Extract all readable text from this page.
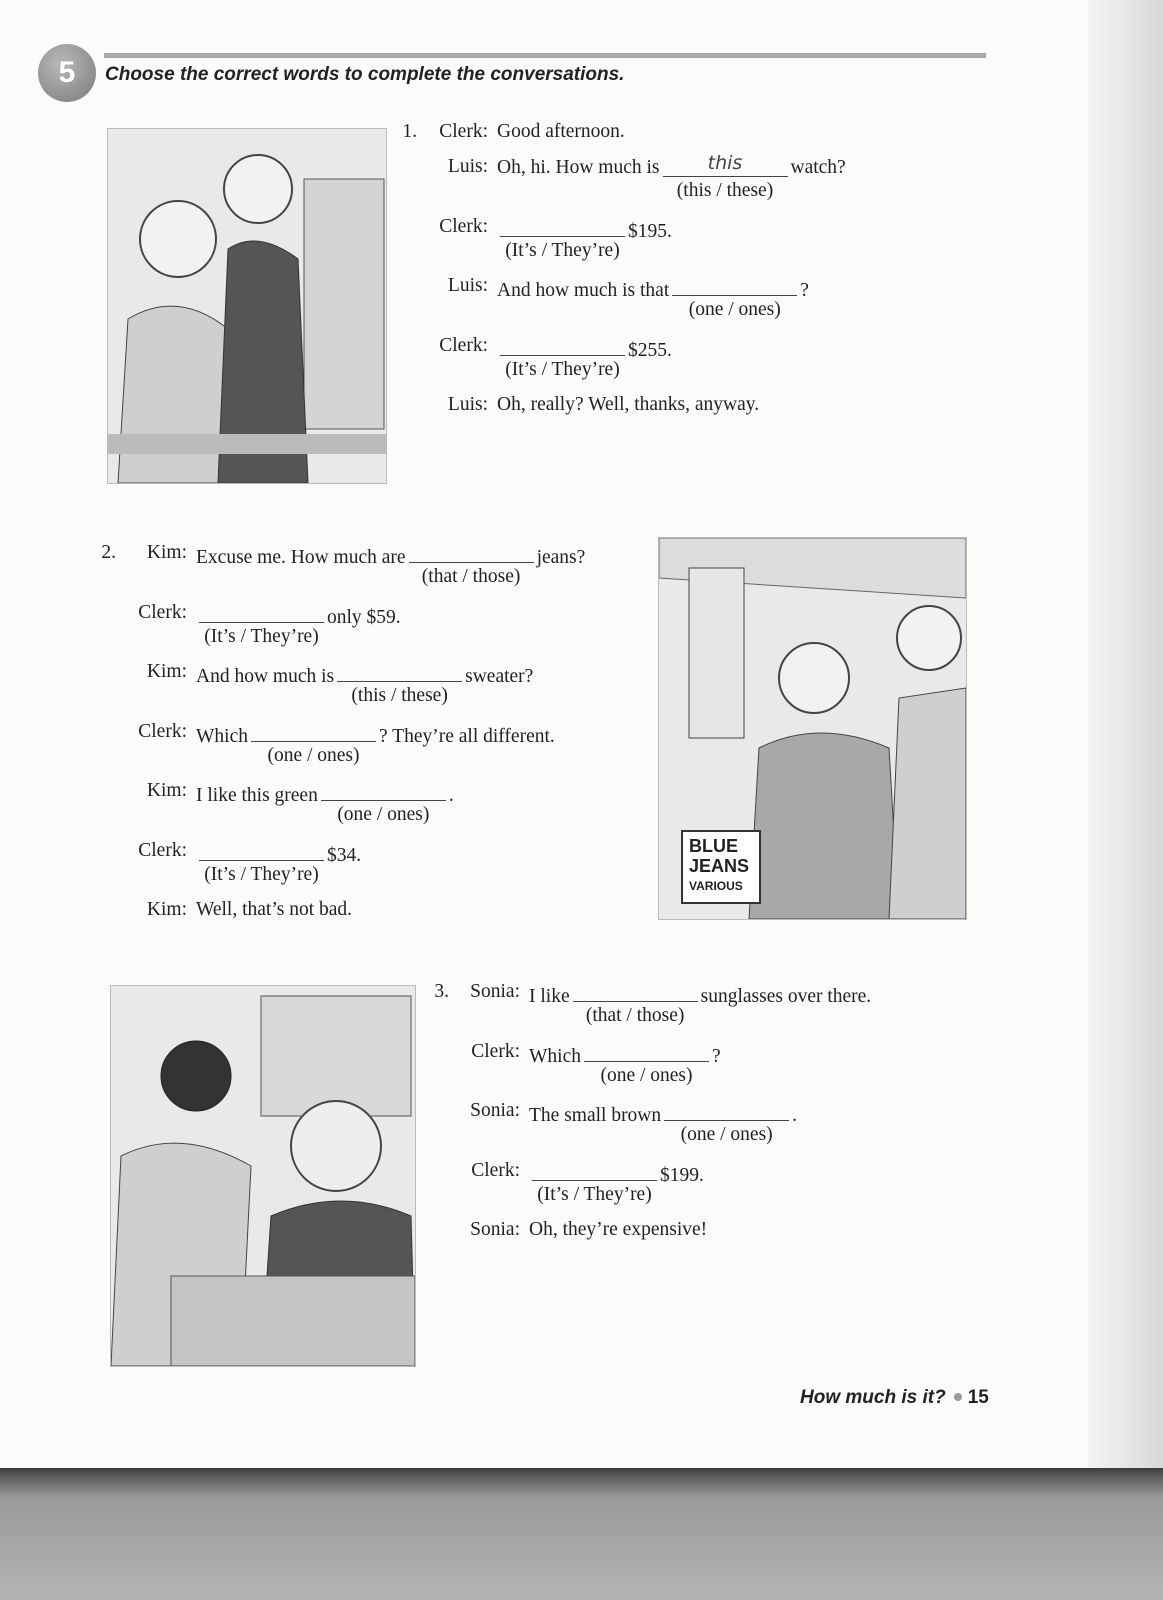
5	Choose the correct words to complete the conversations.
BLUE
JEANS
VARIOUS
1. Clerk: Good afternoon.
Luis: Oh, hi. How much is	this
(this / these)
watch?
Clerk:
(It’s / They’re)
$195.
Luis: And how much is that
(one / ones)
?
Clerk:
(It’s / They’re)
$255.
Luis: Oh, really? Well, thanks, anyway.
2. Kim: Excuse me. How much are
(that / those)
jeans?
Clerk:
(It’s / They’re)
only $59.
Kim: And how much is
(this / these)
sweater?
Clerk: Which
(one / ones)
? They’re all different.
Kim: I like this green
(one / ones)
.
Clerk:
(It’s / They’re)
$34.
Kim: Well, that’s not bad.
3. Sonia: I like
(that / those)
sunglasses over there.
Clerk: Which
(one / ones)
?
Sonia: The small brown
(one / ones)
.
Clerk:
(It’s / They’re)
$199.
Sonia: Oh, they’re expensive!
How much is it? 15
